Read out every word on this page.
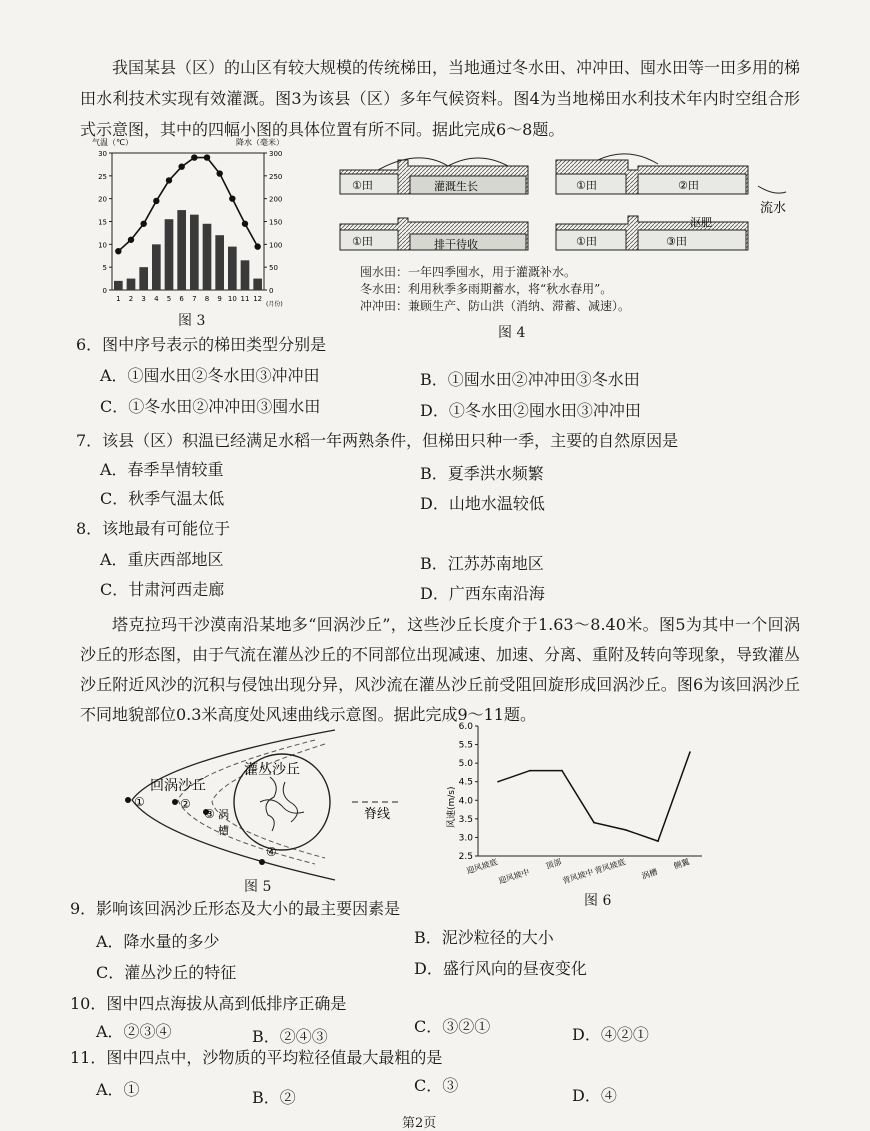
我国某县（区）的山区有较大规模的传统梯田，当地通过冬水田、冲冲田、囤水田等一田多用的梯田水利技术实现有效灌溉。图3为该县（区）多年气候资料。图4为当地梯田水利技术年内时空组合形式示意图，其中的四幅小图的具体位置有所不同。据此完成6～8题。
气温（℃）	降水（毫米）
0
5
10
15
20
25
30
0
50
100
150
200
250
300
1 2 3 4 5 6 7 8 9 10 11 12
(月份)
图 3
①田	灌溉生长	①田	②田
流水
①田	排干待收	①田	③田
沤肥
囤水田：一年四季囤水，用于灌溉补水。
冬水田：利用秋季多雨期蓄水，将“秋水春用”。
冲冲田：兼顾生产、防山洪（消纳、滞蓄、减速）。
图 4
6．图中序号表示的梯田类型分别是
A．①囤水田②冬水田③冲冲田	B．①囤水田②冲冲田③冬水田
C．①冬水田②冲冲田③囤水田	D．①冬水田②囤水田③冲冲田
7．该县（区）积温已经满足水稻一年两熟条件，但梯田只种一季，主要的自然原因是
A．春季旱情较重	B．夏季洪水频繁
C．秋季气温太低	D．山地水温较低
8．该地最有可能位于
A．重庆西部地区	B．江苏苏南地区
C．甘肃河西走廊	D．广西东南沿海
塔克拉玛干沙漠南沿某地多“回涡沙丘”，这些沙丘长度介于1.63～8.40米。图5为其中一个回涡沙丘的形态图，由于气流在灌丛沙丘的不同部位出现减速、加速、分离、重附及转向等现象，导致灌丛沙丘附近风沙的沉积与侵蚀出现分异，风沙流在灌丛沙丘前受阻回旋形成回涡沙丘。图6为该回涡沙丘不同地貌部位0.3米高度处风速曲线示意图。据此完成9～11题。
脊线
回涡沙丘
灌丛沙丘
涡
槽
①	②
③
④
图 5
风速(m/s)
2.5
3.0
3.5
4.0
4.5
5.0
5.5
6.0
迎风坡底
迎风坡中
顶部
背风坡中
背风坡底 涡槽
侧翼
图 6
9．影响该回涡沙丘形态及大小的最主要因素是
A．降水量的多少	B．泥沙粒径的大小
C．灌丛沙丘的特征	D．盛行风向的昼夜变化
10．图中四点海拔从高到低排序正确是
A．②③④	B．②④③
C．③②①	D．④②①
11．图中四点中，沙物质的平均粒径值最大最粗的是
A．①	B．②
C．③
D．④
第2页
